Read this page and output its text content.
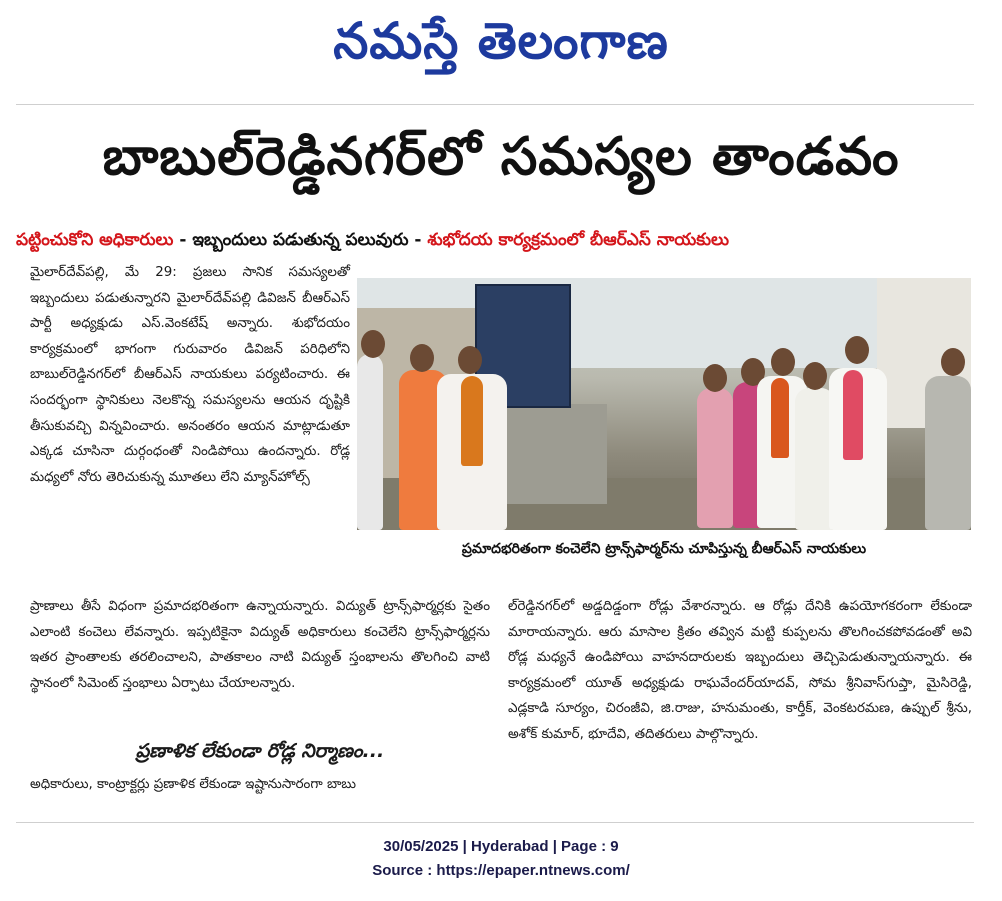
నమస్తే తెలంగాణ
బాబుల్‌రెడ్డినగర్‌లో సమస్యల తాండవం
పట్టించుకోని అధికారులు - ఇబ్బందులు పడుతున్న పలువురు - శుభోదయ కార్యక్రమంలో బీఆర్‌ఎస్‌ నాయకులు

మైలార్‌దేవ్‌పల్లి, మే 29: ప్రజలు సానిక సమస్యలతో ఇబ్బందులు పడుతున్నారని మైలార్‌దేవ్‌పల్లి డివిజన్‌ బీఆర్‌ఎస్‌ పార్టీ అధ్యక్షుడు ఎస్‌.వెంకటేష్‌ అన్నారు. శుభోదయం కార్యక్రమంలో భాగంగా గురువారం డివిజన్‌ పరిధిలోని బాబుల్‌రెడ్డినగర్‌లో బీఆర్‌ఎస్‌ నాయకులు పర్యటించారు. ఈ సందర్భంగా స్థానికులు నెలకొన్న సమస్యలను ఆయన దృష్టికి తీసుకువచ్చి విన్నవించారు. అనంతరం ఆయన మాట్లాడుతూ ఎక్కడ చూసినా దుర్గంధంతో నిండిపోయి ఉందన్నారు. రోడ్ల మధ్యలో నోరు తెరిచుకున్న మూతలు లేని మ్యాన్‌హోల్స్‌

ప్రమాదభరితంగా కంచెలేని ట్రాన్స్‌ఫార్మర్‌ను చూపిస్తున్న బీఆర్‌ఎస్‌ నాయకులు

ప్రాణాలు తీసే విధంగా ప్రమాదభరితంగా ఉన్నాయన్నారు. విద్యుత్‌ ట్రాన్స్‌ఫార్మర్లకు సైతం ఎలాంటి కంచెలు లేవన్నారు. ఇప్పటికైనా విద్యుత్‌ అధికారులు కంచెలేని ట్రాన్స్‌ఫార్మర్లను ఇతర ప్రాంతాలకు తరలించాలని, పాతకాలం నాటి విద్యుత్‌ స్తంభాలను తొలగించి వాటి స్థానంలో సిమెంట్‌ స్తంభాలు ఏర్పాటు చేయాలన్నారు.

ప్రణాళిక లేకుండా రోడ్ల నిర్మాణం...

అధికారులు, కాంట్రాక్టర్లు ప్రణాళిక లేకుండా ఇష్టానుసారంగా బాబు

ల్‌రెడ్డినగర్‌లో అడ్డదిడ్డంగా రోడ్లు వేశారన్నారు. ఆ రోడ్లు దేనికి ఉపయోగకరంగా లేకుండా మారాయన్నారు. ఆరు మాసాల క్రితం తవ్విన మట్టి కుప్పలను తొలగించకపోవడంతో అవి రోడ్ల మధ్యనే ఉండిపోయి వాహనదారులకు ఇబ్బందులు తెచ్చిపెడుతున్నాయన్నారు. ఈ కార్యక్రమంలో యూత్‌ అధ్యక్షుడు రాఘవేందర్‌యాదవ్‌, సోమ శ్రీనివాస్‌గుప్తా, మైసిరెడ్డి, ఎడ్లకాడి సూర్యం, చిరంజీవి, జి.రాజు, హనుమంతు, కార్తీక్‌, వెంకటరమణ, ఉప్పుల్‌ శ్రీను, అశోక్‌ కుమార్‌, భూదేవి, తదితరులు పాల్గొన్నారు.

30/05/2025 | Hyderabad | Page : 9
Source : https://epaper.ntnews.com/
